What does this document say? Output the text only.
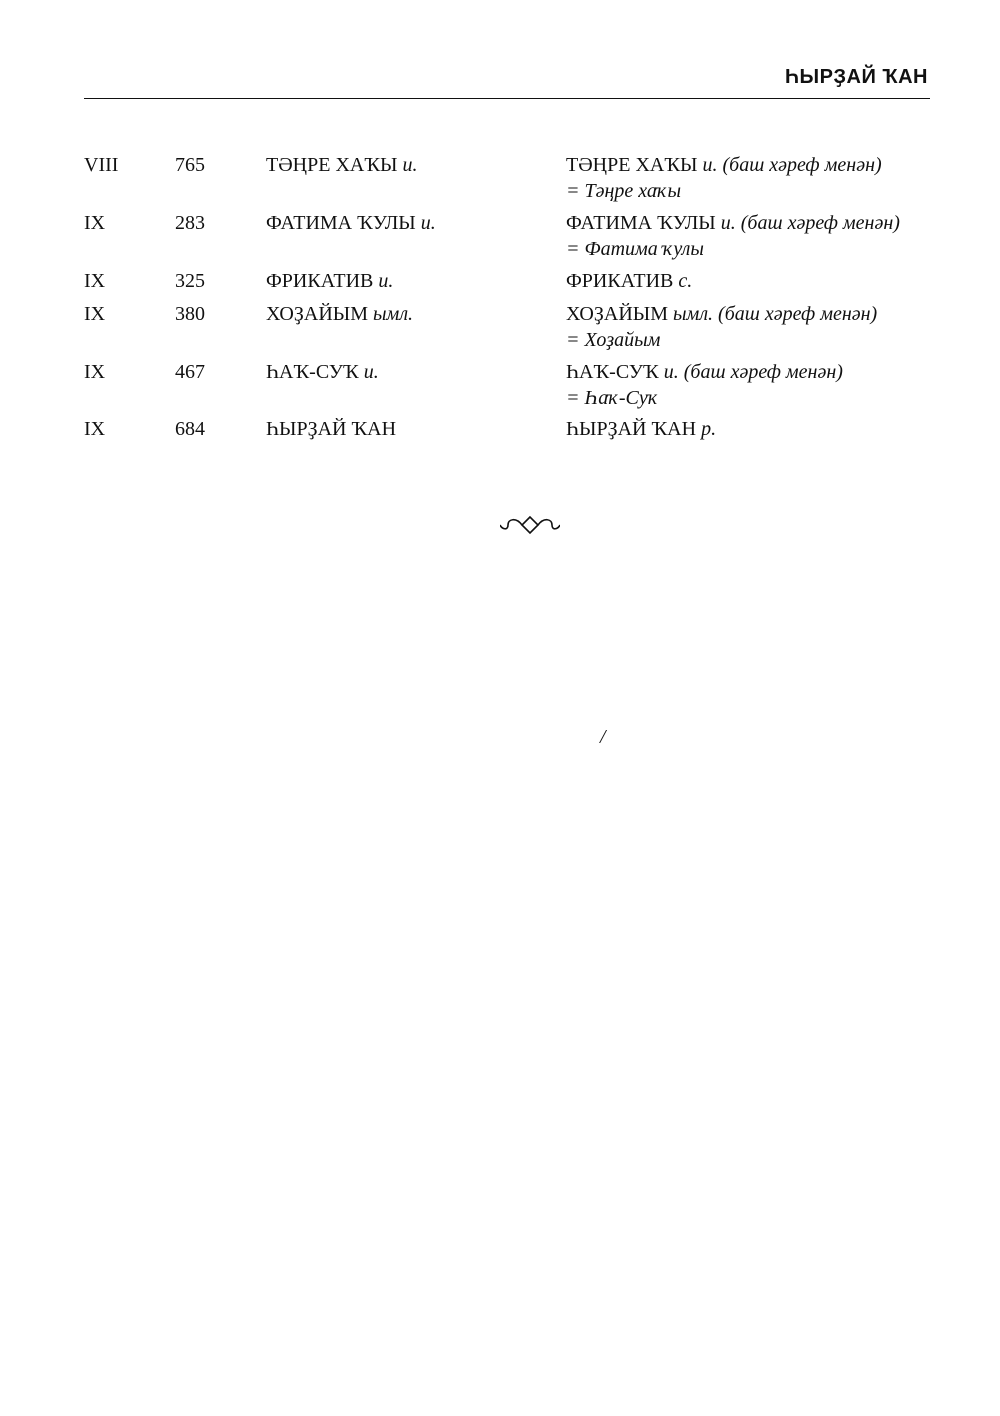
ҺЫРҘАЙ ҠАН
VIII	765	ТӘҢРЕ ХАҠЫ и.	ТӘҢРЕ ХАҠЫ и. (баш хәреф менән)
= Тәңре хаҡы
IX	283	ФАТИМА ҠУЛЫ и.	ФАТИМА ҠУЛЫ и. (баш хәреф менән)
= Фатима ҡулы
IX	325	ФРИКАТИВ и.	ФРИКАТИВ с.
IX	380	ХОҘАЙЫМ ымл.	ХОҘАЙЫМ ымл. (баш хәреф менән)
= Хоҙайым
IX	467	ҺАҠ-СУҠ и.	ҺАҠ-СУҠ и. (баш хәреф менән)
= Һаҡ-Суҡ
IX	684	ҺЫРҘАЙ ҠАН	ҺЫРҘАЙ ҠАН р.
/
